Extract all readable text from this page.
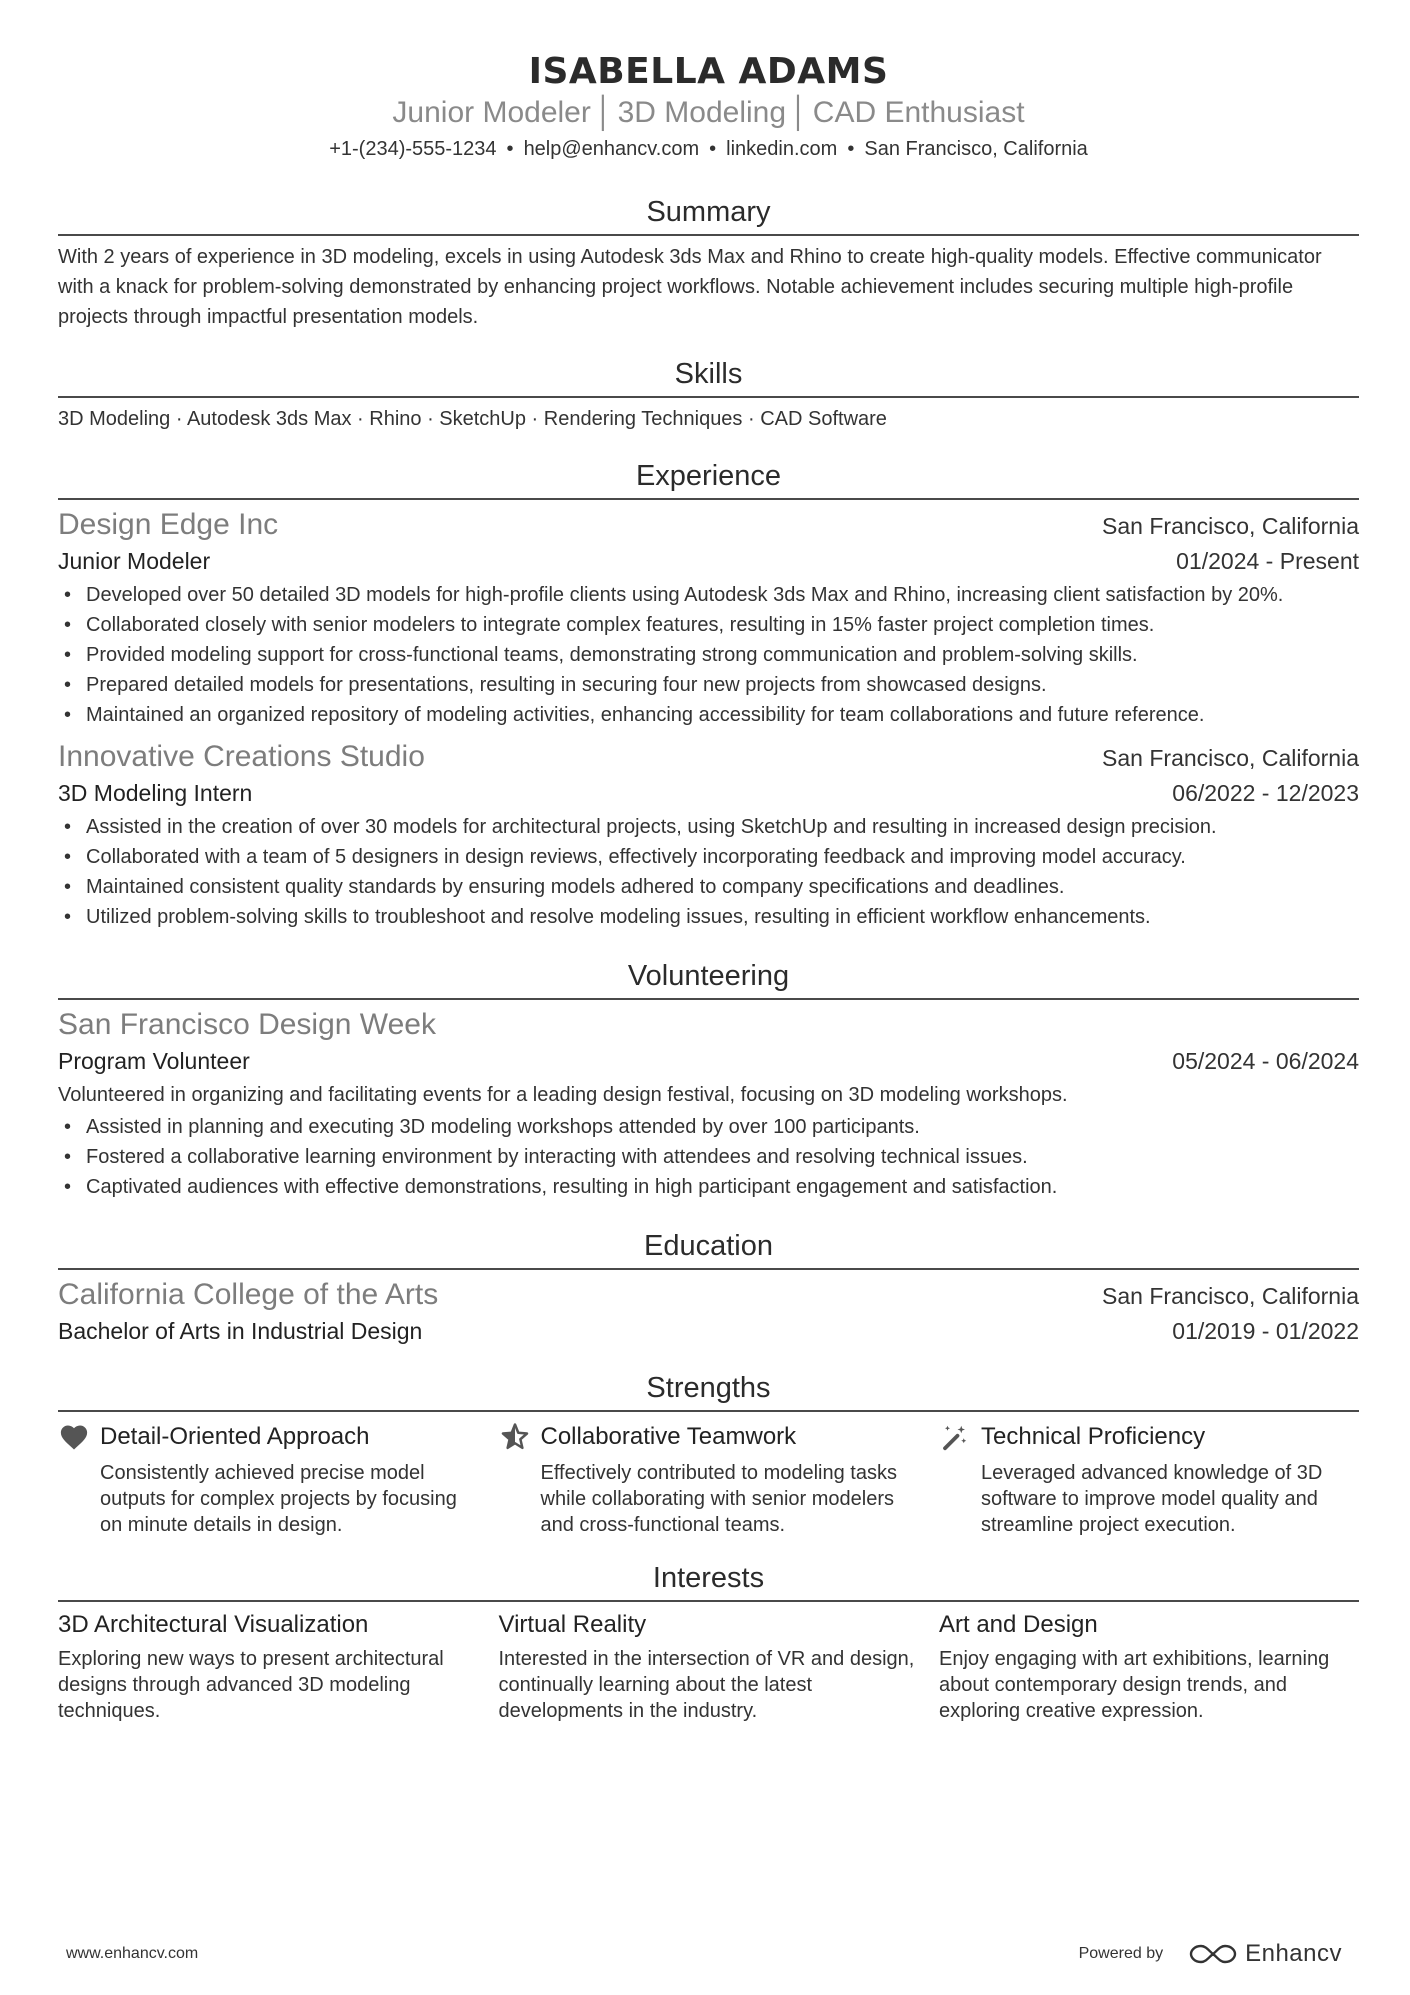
ISABELLA ADAMS
Junior Modeler │ 3D Modeling │ CAD Enthusiast
+1-(234)-555-1234 • help@enhancv.com • linkedin.com • San Francisco, California
Summary
With 2 years of experience in 3D modeling, excels in using Autodesk 3ds Max and Rhino to create high-quality models. Effective communicator with a knack for problem-solving demonstrated by enhancing project workflows. Notable achievement includes securing multiple high-profile projects through impactful presentation models.
Skills
3D Modeling · Autodesk 3ds Max · Rhino · SketchUp · Rendering Techniques · CAD Software
Experience
Design Edge Inc	San Francisco, California
Junior Modeler	01/2024 - Present
• Developed over 50 detailed 3D models for high-profile clients using Autodesk 3ds Max and Rhino, increasing client satisfaction by 20%.
• Collaborated closely with senior modelers to integrate complex features, resulting in 15% faster project completion times.
• Provided modeling support for cross-functional teams, demonstrating strong communication and problem-solving skills.
• Prepared detailed models for presentations, resulting in securing four new projects from showcased designs.
• Maintained an organized repository of modeling activities, enhancing accessibility for team collaborations and future reference.
Innovative Creations Studio	San Francisco, California
3D Modeling Intern	06/2022 - 12/2023
• Assisted in the creation of over 30 models for architectural projects, using SketchUp and resulting in increased design precision.
• Collaborated with a team of 5 designers in design reviews, effectively incorporating feedback and improving model accuracy.
• Maintained consistent quality standards by ensuring models adhered to company specifications and deadlines.
• Utilized problem-solving skills to troubleshoot and resolve modeling issues, resulting in efficient workflow enhancements.
Volunteering
San Francisco Design Week
Program Volunteer	05/2024 - 06/2024
Volunteered in organizing and facilitating events for a leading design festival, focusing on 3D modeling workshops.
• Assisted in planning and executing 3D modeling workshops attended by over 100 participants.
• Fostered a collaborative learning environment by interacting with attendees and resolving technical issues.
• Captivated audiences with effective demonstrations, resulting in high participant engagement and satisfaction.
Education
California College of the Arts	San Francisco, California
Bachelor of Arts in Industrial Design	01/2019 - 01/2022
Strengths
Detail-Oriented Approach
Consistently achieved precise model outputs for complex projects by focusing on minute details in design.
Collaborative Teamwork
Effectively contributed to modeling tasks while collaborating with senior modelers and cross-functional teams.
Technical Proficiency
Leveraged advanced knowledge of 3D software to improve model quality and streamline project execution.
Interests
3D Architectural Visualization
Exploring new ways to present architectural designs through advanced 3D modeling techniques.
Virtual Reality
Interested in the intersection of VR and design, continually learning about the latest developments in the industry.
Art and Design
Enjoy engaging with art exhibitions, learning about contemporary design trends, and exploring creative expression.
www.enhancv.com	Powered by	Enhancv
